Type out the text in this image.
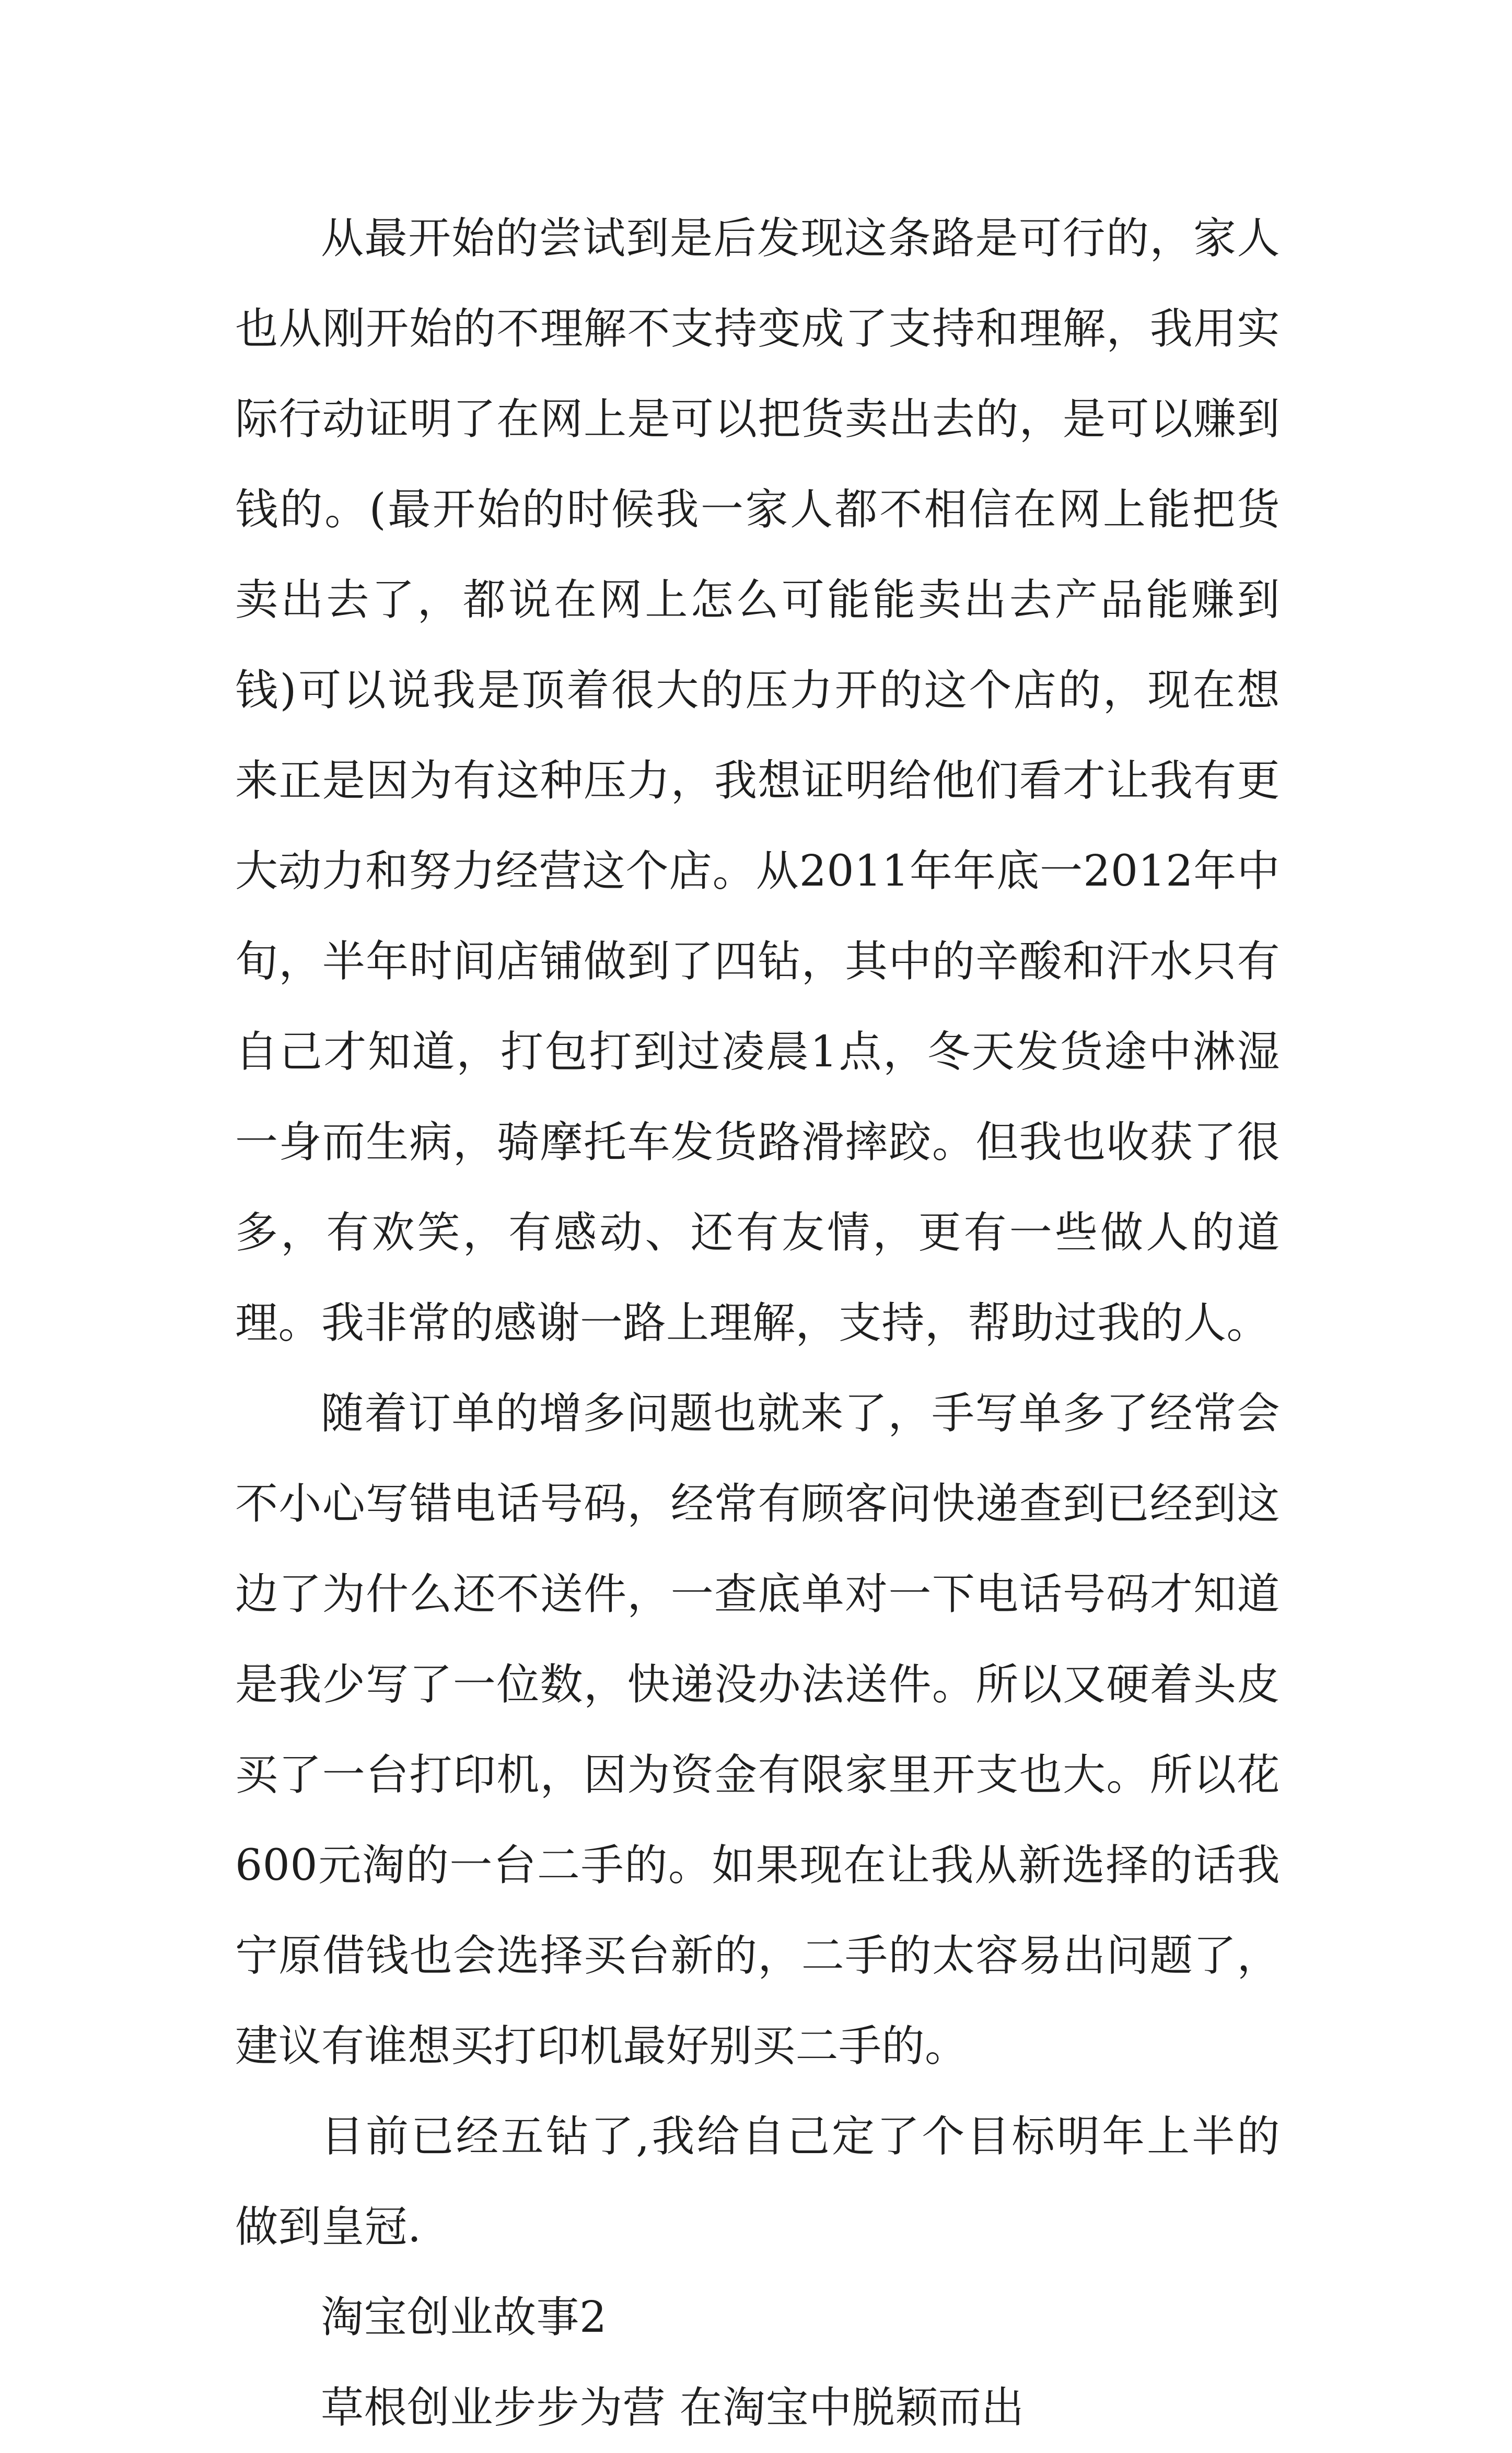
从最开始的尝试到是后发现这条路是可行的，家人也从刚开始的不理解不支持变成了支持和理解，我用实际行动证明了在网上是可以把货卖出去的，是可以赚到钱的。(最开始的时候我一家人都不相信在网上能把货卖出去了，都说在网上怎么可能能卖出去产品能赚到钱)可以说我是顶着很大的压力开的这个店的，现在想来正是因为有这种压力，我想证明给他们看才让我有更大动力和努力经营这个店。从2011年年底一2012年中旬，半年时间店铺做到了四钻，其中的辛酸和汗水只有自己才知道，打包打到过凌晨1点，冬天发货途中淋湿一身而生病，骑摩托车发货路滑摔跤。但我也收获了很多，有欢笑，有感动、还有友情，更有一些做人的道理。我非常的感谢一路上理解，支持，帮助过我的人。

随着订单的增多问题也就来了，手写单多了经常会不小心写错电话号码，经常有顾客问快递查到已经到这边了为什么还不送件，一查底单对一下电话号码才知道是我少写了一位数，快递没办法送件。所以又硬着头皮买了一台打印机，因为资金有限家里开支也大。所以花600元淘的一台二手的。如果现在让我从新选择的话我宁原借钱也会选择买台新的，二手的太容易出问题了，建议有谁想买打印机最好别买二手的。

目前已经五钻了,我给自己定了个目标明年上半的做到皇冠.

淘宝创业故事2

草根创业步步为营 在淘宝中脱颖而出
